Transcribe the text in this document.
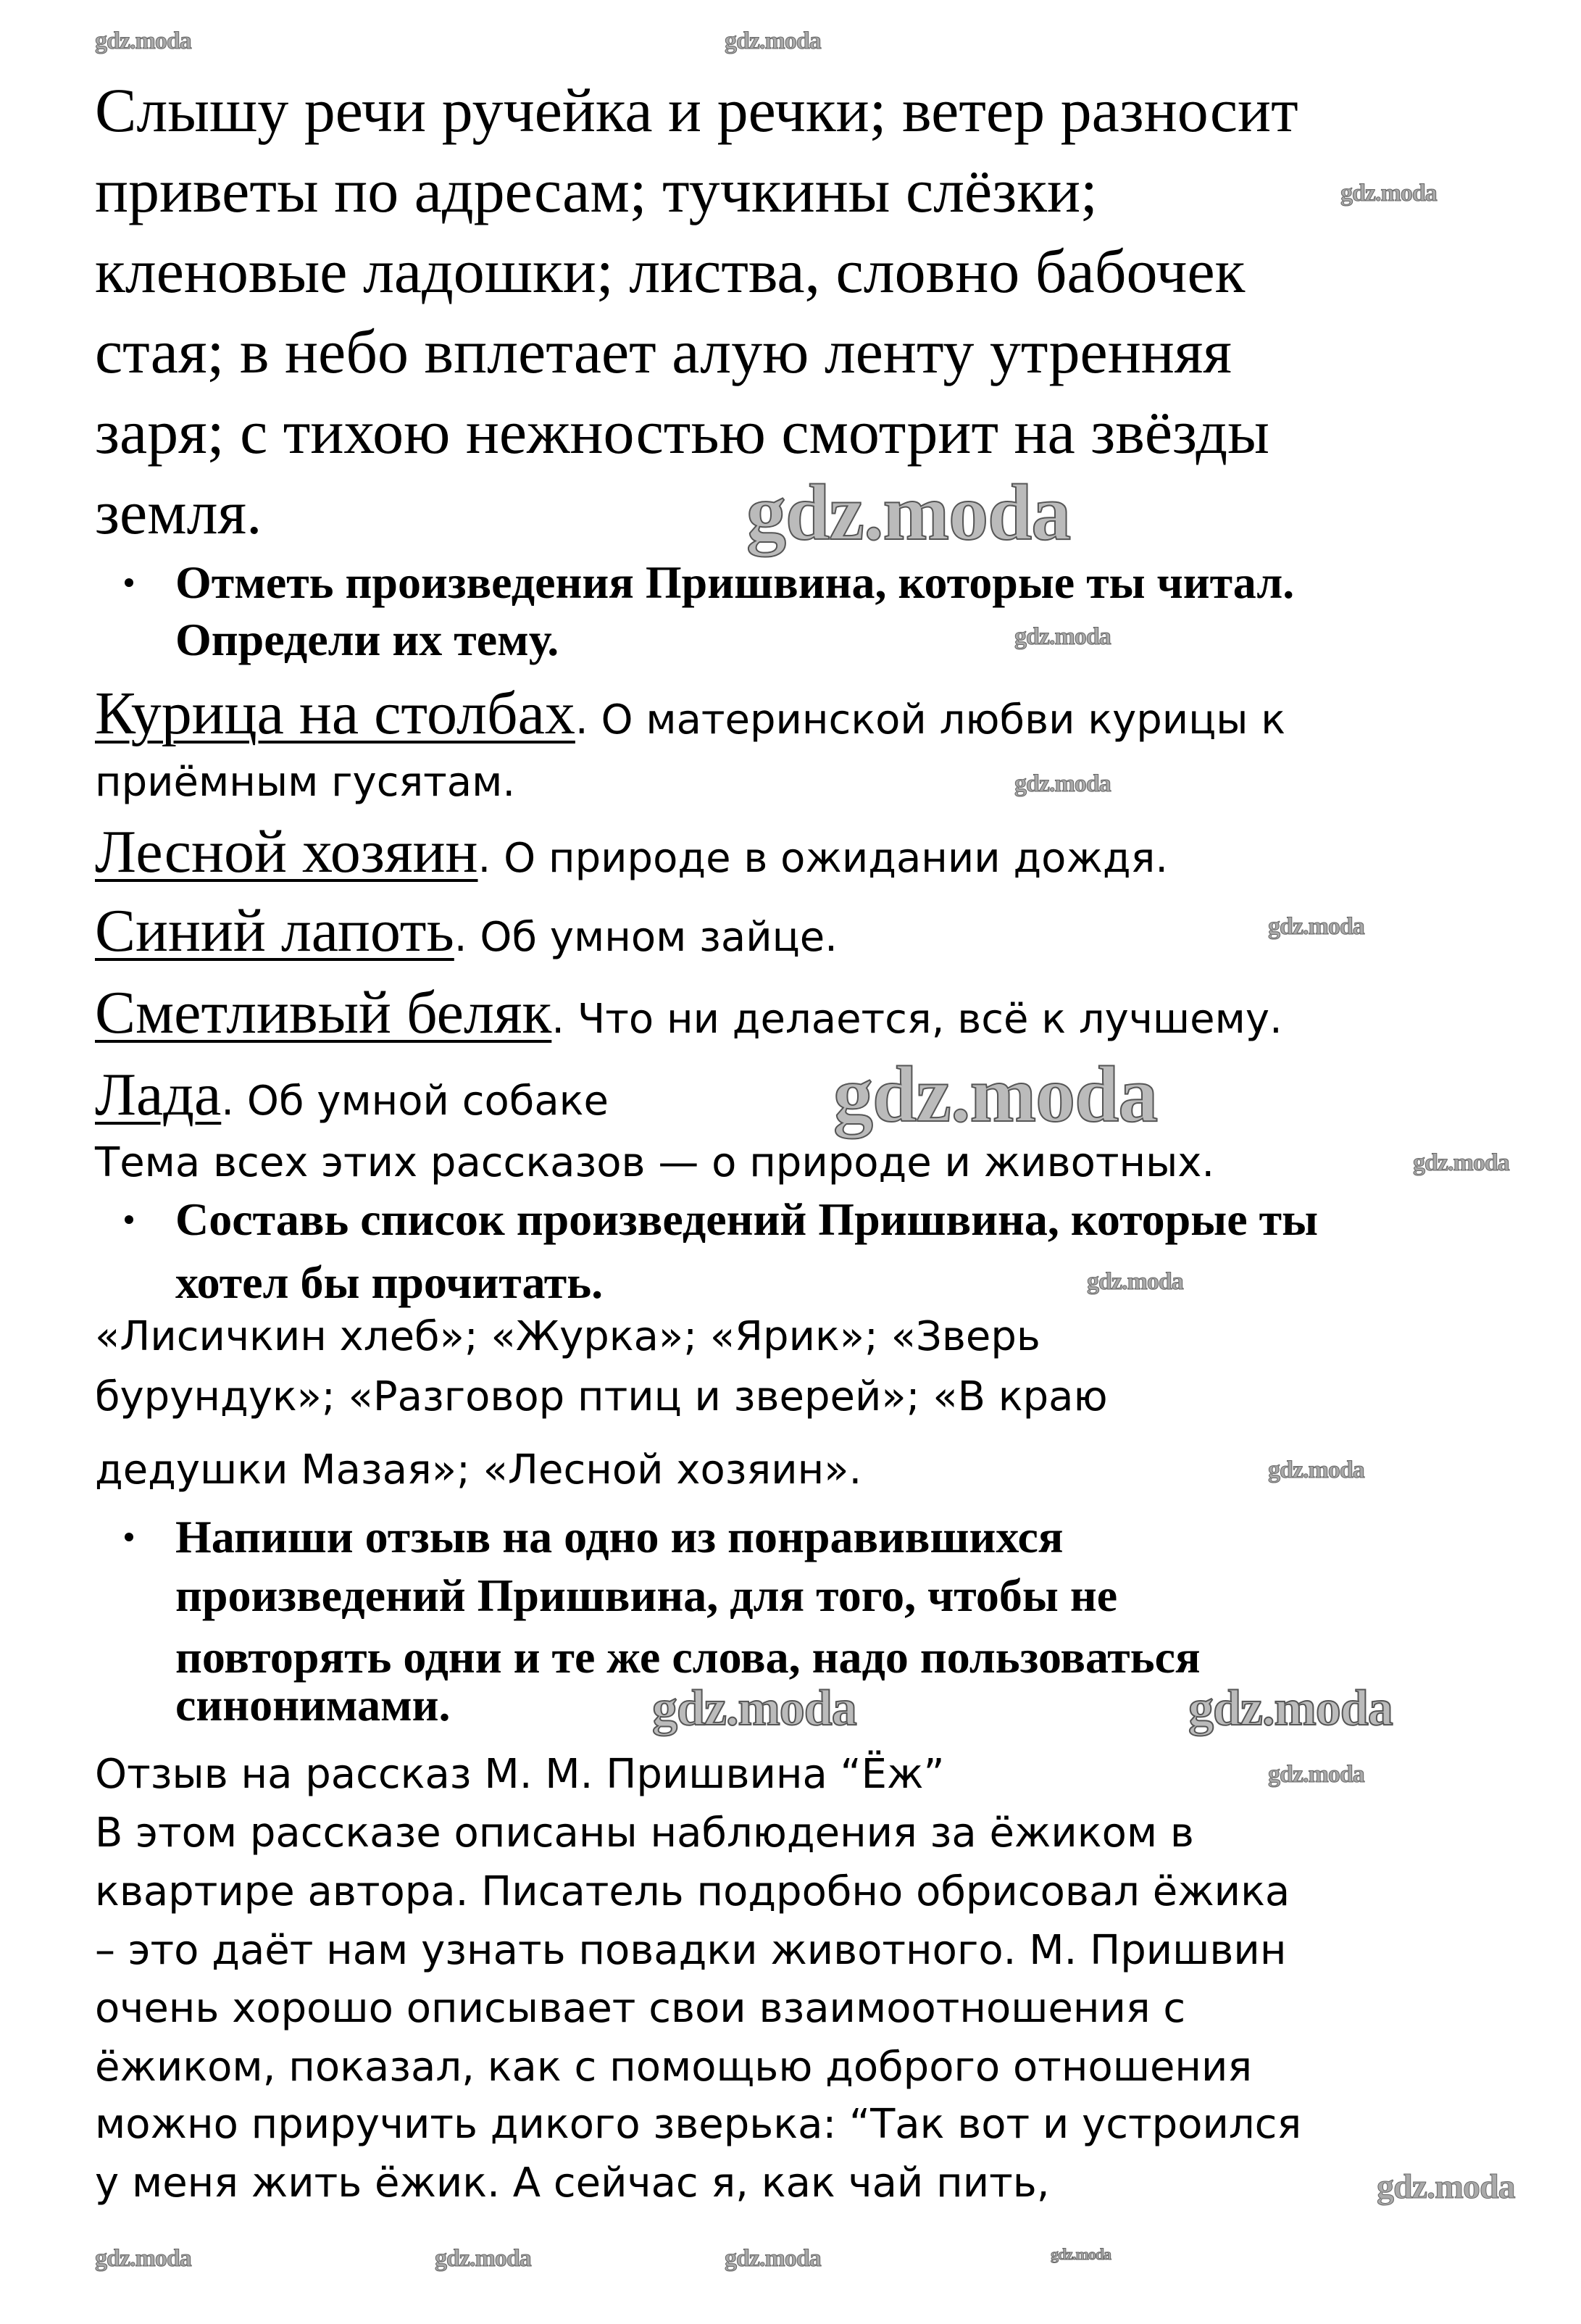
Слышу речи ручейка и речки; ветер разносит
приветы по адресам; тучкины слёзки;
кленовые ладошки; листва, словно бабочек
стая; в небо вплетает алую ленту утренняя
заря; с тихою нежностью смотрит на звёзды
земля.
Отметь произведения Пришвина, которые ты читал.
Определи их тему.
Курица на столбах. О материнской любви курицы к
приёмным гусятам.
Лесной хозяин. О природе в ожидании дождя.
Синий лапоть. Об умном зайце.
Сметливый беляк. Что ни делается, всё к лучшему.
Лада. Об умной собаке
Тема всех этих рассказов — о природе и животных.
Составь список произведений Пришвина, которые ты
хотел бы прочитать.
«Лисичкин хлеб»; «Журка»; «Ярик»; «Зверь
бурундук»; «Разговор птиц и зверей»; «В краю
дедушки Мазая»; «Лесной хозяин».
Напиши отзыв на одно из понравившихся
произведений Пришвина, для того, чтобы не
повторять одни и те же слова, надо пользоваться
синонимами.
Отзыв на рассказ М. М. Пришвина “Ёж”
В этом рассказе описаны наблюдения за ёжиком в
квартире автора. Писатель подробно обрисовал ёжика
– это даёт нам узнать повадки животного. М. Пришвин
очень хорошо описывает свои взаимоотношения с
ёжиком, показал, как с помощью доброго отношения
можно приручить дикого зверька: “Так вот и устроился
у меня жить ёжик. А сейчас я, как чай пить,
gdz.moda	gdz.moda
gdz.moda
gdz.moda
gdz.moda
gdz.moda
gdz.moda
gdz.moda
gdz.moda
gdz.moda
gdz.moda
gdz.moda	gdz.moda
gdz.moda
gdz.moda
gdz.moda	gdz.moda	gdz.moda	gdz.moda
